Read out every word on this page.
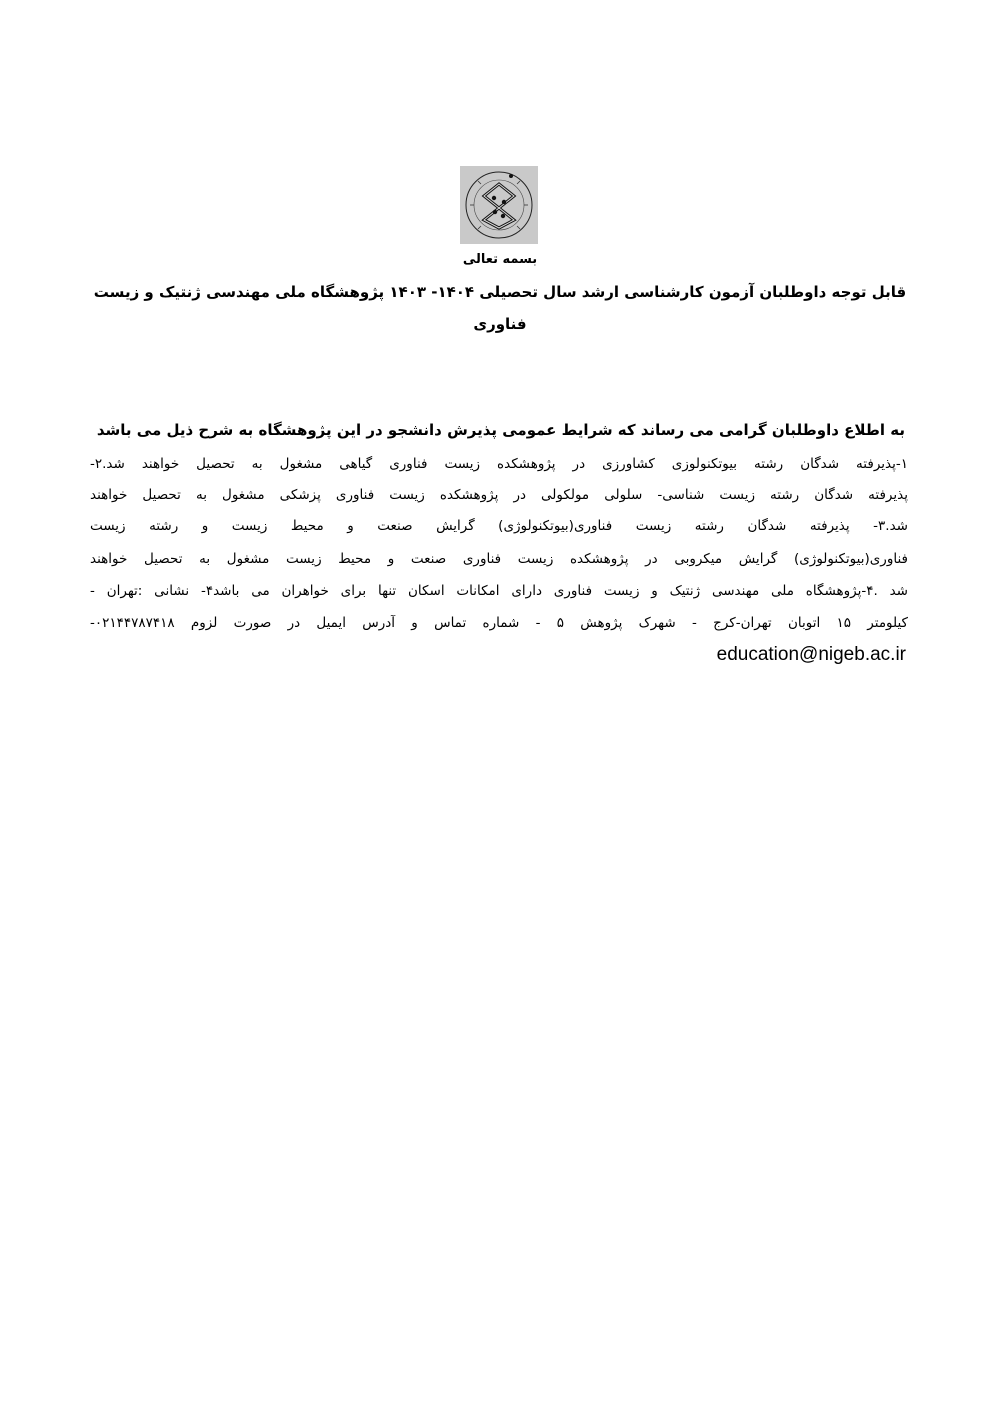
بسمه تعالی
قابل توجه داوطلبان آزمون کارشناسی ارشد سال تحصیلی ۱۴۰۴- ۱۴۰۳ پژوهشگاه ملی مهندسی ژنتیک و زیست
فناوری
به اطلاع داوطلبان گرامی می رساند که شرایط عمومی پذیرش دانشجو در این پژوهشگاه به شرح ذیل می باشد
۱-پذیرفته شدگان رشته بیوتکنولوزی کشاورزی در پژوهشکده زیست فناوری گیاهی مشغول به تحصیل خواهند شد.۲-
پذیرفته شدگان رشته زیست شناسی- سلولی مولکولی در پژوهشکده زیست فناوری پزشکی مشغول به تحصیل خواهند
شد.۳- پذیرفته شدگان رشته زیست فناوری(بیوتکنولوژی) گرایش صنعت و محیط زیست و رشته زیست
فناوری(بیوتکنولوژی) گرایش میکروبی در پژوهشکده زیست فناوری صنعت و محیط زیست مشغول به تحصیل خواهند
شد .۴-پژوهشگاه ملی مهندسی ژنتیک و زیست فناوری دارای امکانات اسکان تنها برای خواهران می باشد۴- نشانی :تهران -
کیلومتر ۱۵ اتوبان تهران-کرج - شهرک پژوهش ۵ - شماره تماس و آدرس ایمیل در صورت لزوم ۰۲۱۴۴۷۸۷۴۱۸-
education@nigeb.ac.ir
